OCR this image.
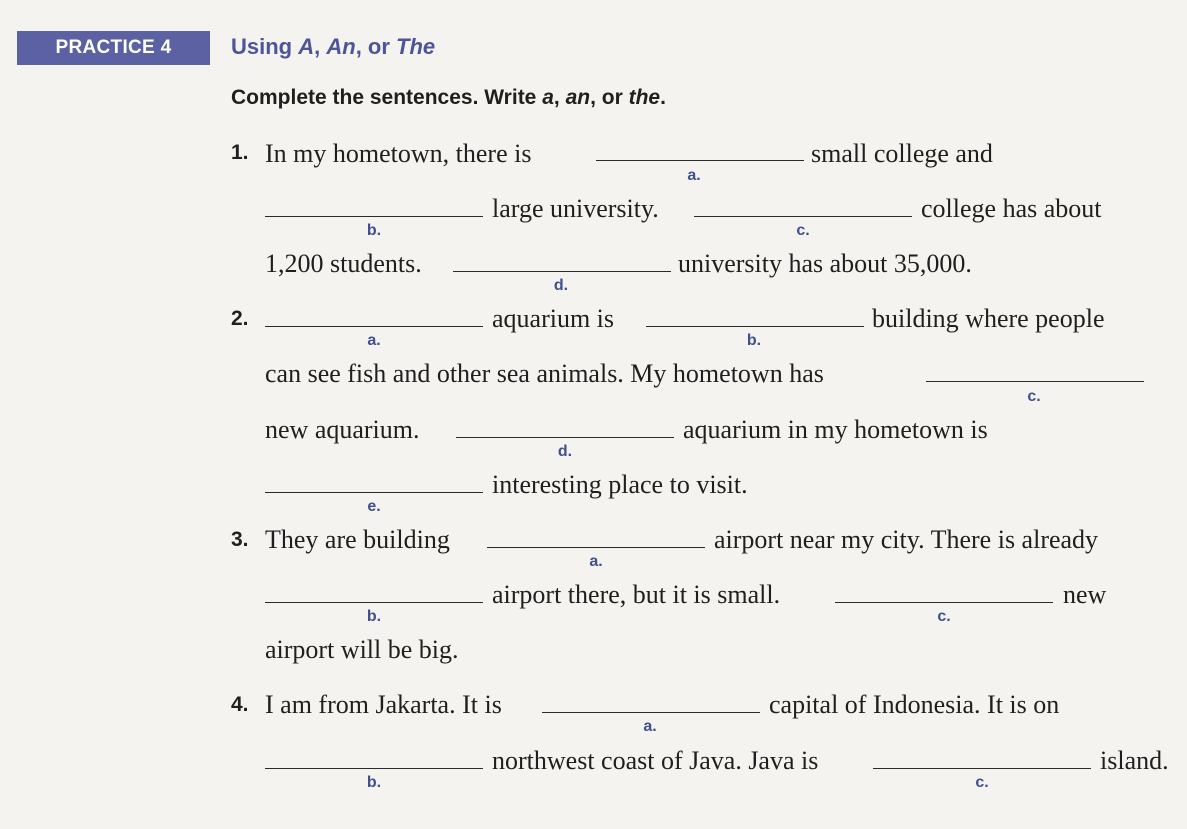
PRACTICE 4	Using A, An, or The
Complete the sentences. Write a, an, or the.
1. In my hometown, there is
a.
small college and
b.
large university.
c.
college has about
1,200 students.
d.
university has about 35,000.
2.
a.
aquarium is
b.
building where people
can see fish and other sea animals. My hometown has
c.
new aquarium.
d.
aquarium in my hometown is
e.
interesting place to visit.
3. They are building
a.
airport near my city. There is already
b.
airport there, but it is small.
c.
new
airport will be big.
4. I am from Jakarta. It is
a.
capital of Indonesia. It is on
b.
northwest coast of Java. Java is
c.
island.
